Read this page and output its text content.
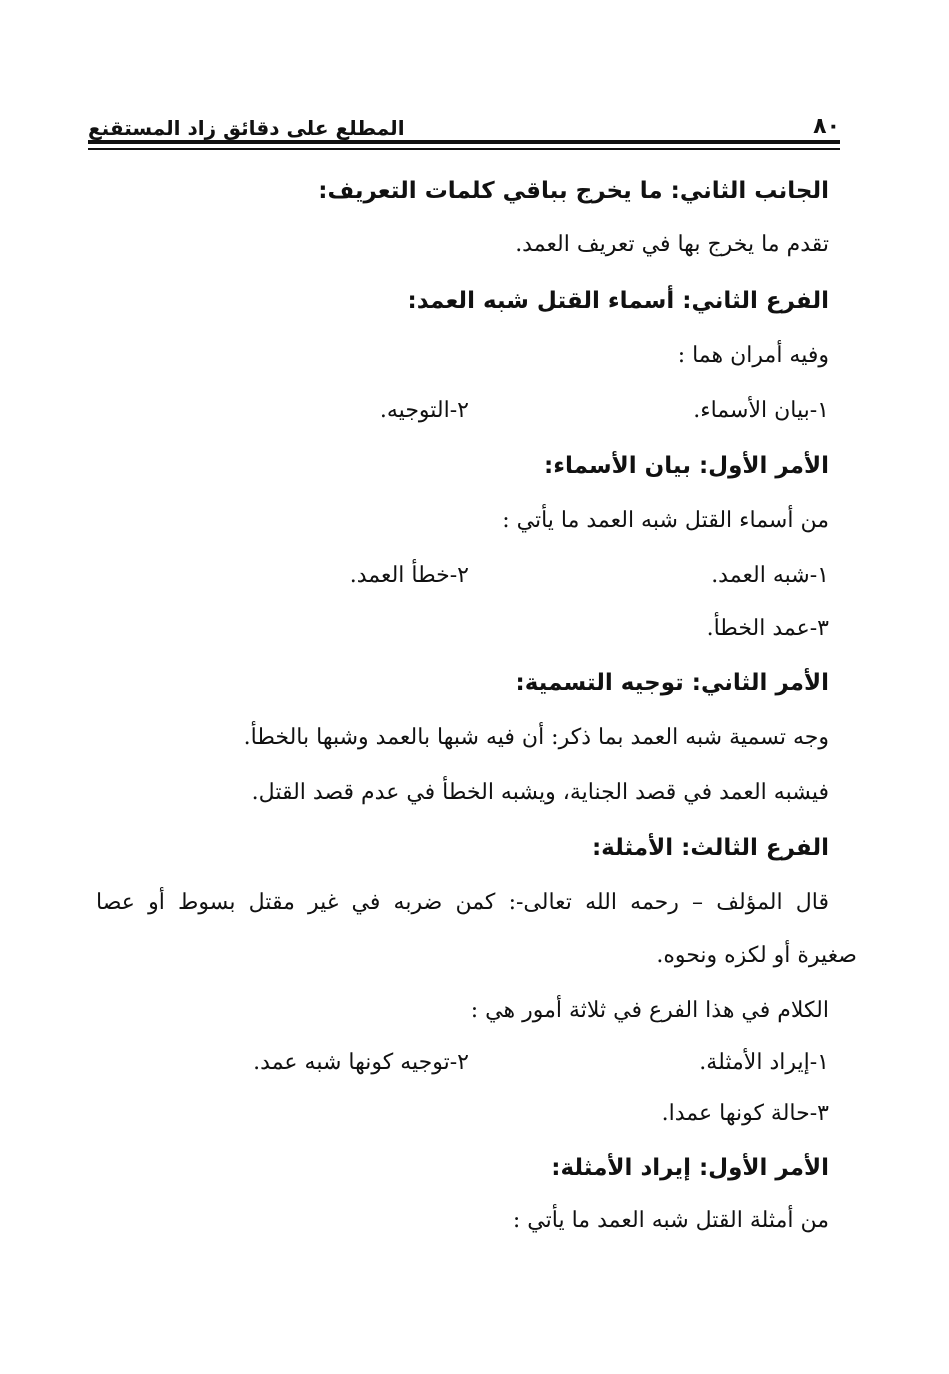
٨٠
المطلع على دقائق زاد المستقنع
الجانب الثاني: ما يخرج بباقي كلمات التعريف:
تقدم ما يخرج بها في تعريف العمد.
الفرع الثاني: أسماء القتل شبه العمد:
وفيه أمران هما :
١-بيان الأسماء.
٢-التوجيه.
الأمر الأول: بيان الأسماء:
من أسماء القتل شبه العمد ما يأتي :
١-شبه العمد.
٢-خطأ العمد.
٣-عمد الخطأ.
الأمر الثاني: توجيه التسمية:
وجه تسمية شبه العمد بما ذكر: أن فيه شبها بالعمد وشبها بالخطأ.
فيشبه العمد في قصد الجناية، ويشبه الخطأ في عدم قصد القتل.
الفرع الثالث: الأمثلة:
قال المؤلف – رحمه الله تعالى-: كمن ضربه في غير مقتل بسوط أو عصا
صغيرة أو لكزه ونحوه.
الكلام في هذا الفرع في ثلاثة أمور هي :
١-إيراد الأمثلة.
٢-توجيه كونها شبه عمد.
٣-حالة كونها عمدا.
الأمر الأول: إيراد الأمثلة:
من أمثلة القتل شبه العمد ما يأتي :
